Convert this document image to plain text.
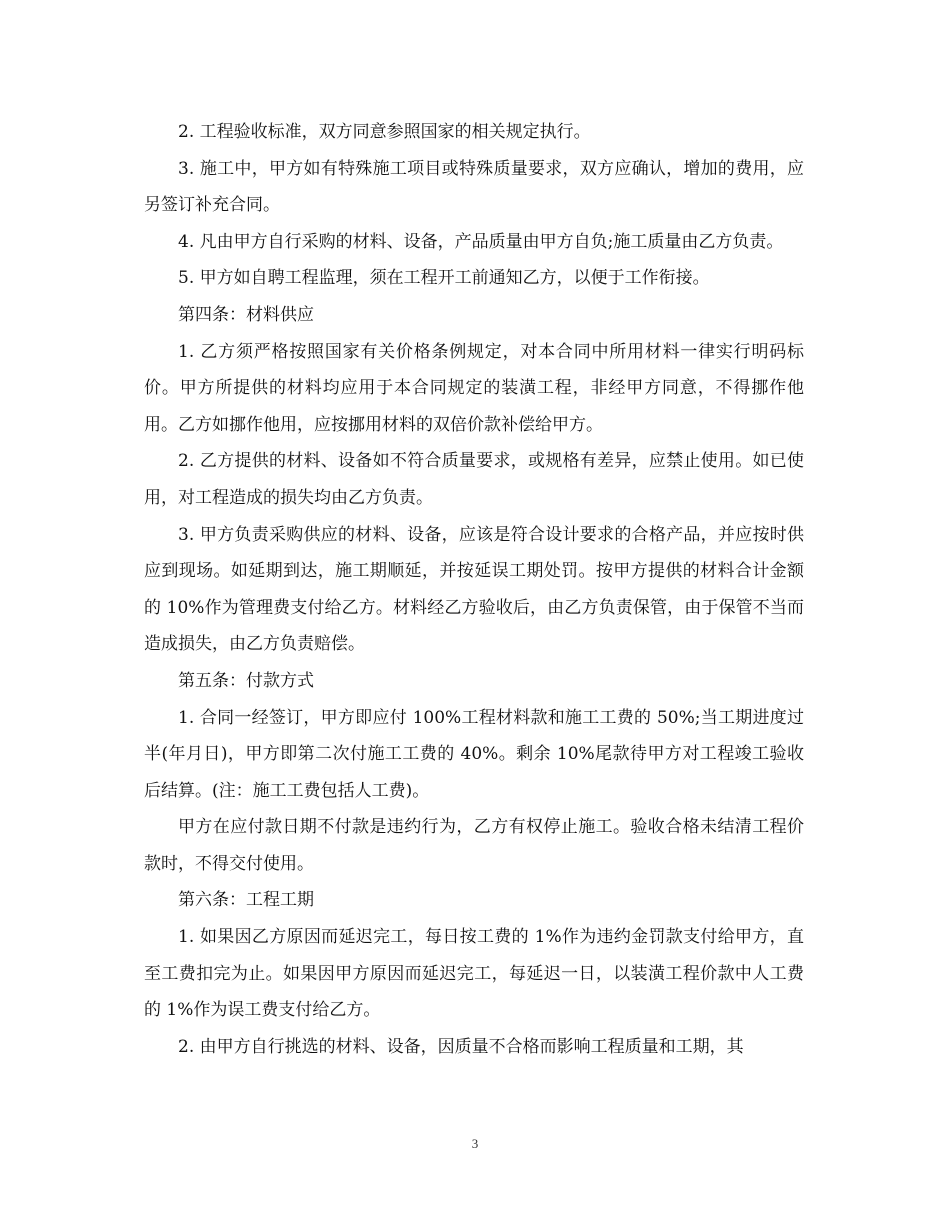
2. 工程验收标准，双方同意参照国家的相关规定执行。

3. 施工中，甲方如有特殊施工项目或特殊质量要求，双方应确认，增加的费用，应另签订补充合同。

4. 凡由甲方自行采购的材料、设备，产品质量由甲方自负;施工质量由乙方负责。

5. 甲方如自聘工程监理，须在工程开工前通知乙方，以便于工作衔接。

第四条：材料供应

1. 乙方须严格按照国家有关价格条例规定，对本合同中所用材料一律实行明码标价。甲方所提供的材料均应用于本合同规定的装潢工程，非经甲方同意，不得挪作他用。乙方如挪作他用，应按挪用材料的双倍价款补偿给甲方。

2. 乙方提供的材料、设备如不符合质量要求，或规格有差异，应禁止使用。如已使用，对工程造成的损失均由乙方负责。

3. 甲方负责采购供应的材料、设备，应该是符合设计要求的合格产品，并应按时供应到现场。如延期到达，施工期顺延，并按延误工期处罚。按甲方提供的材料合计金额的 10%作为管理费支付给乙方。材料经乙方验收后，由乙方负责保管，由于保管不当而造成损失，由乙方负责赔偿。

第五条：付款方式

1. 合同一经签订，甲方即应付 100%工程材料款和施工工费的 50%;当工期进度过半(年月日)，甲方即第二次付施工工费的 40%。剩余 10%尾款待甲方对工程竣工验收后结算。(注：施工工费包括人工费)。

甲方在应付款日期不付款是违约行为，乙方有权停止施工。验收合格未结清工程价款时，不得交付使用。

第六条：工程工期

1. 如果因乙方原因而延迟完工，每日按工费的 1%作为违约金罚款支付给甲方，直至工费扣完为止。如果因甲方原因而延迟完工，每延迟一日，以装潢工程价款中人工费的 1%作为误工费支付给乙方。

2. 由甲方自行挑选的材料、设备，因质量不合格而影响工程质量和工期，其

3
